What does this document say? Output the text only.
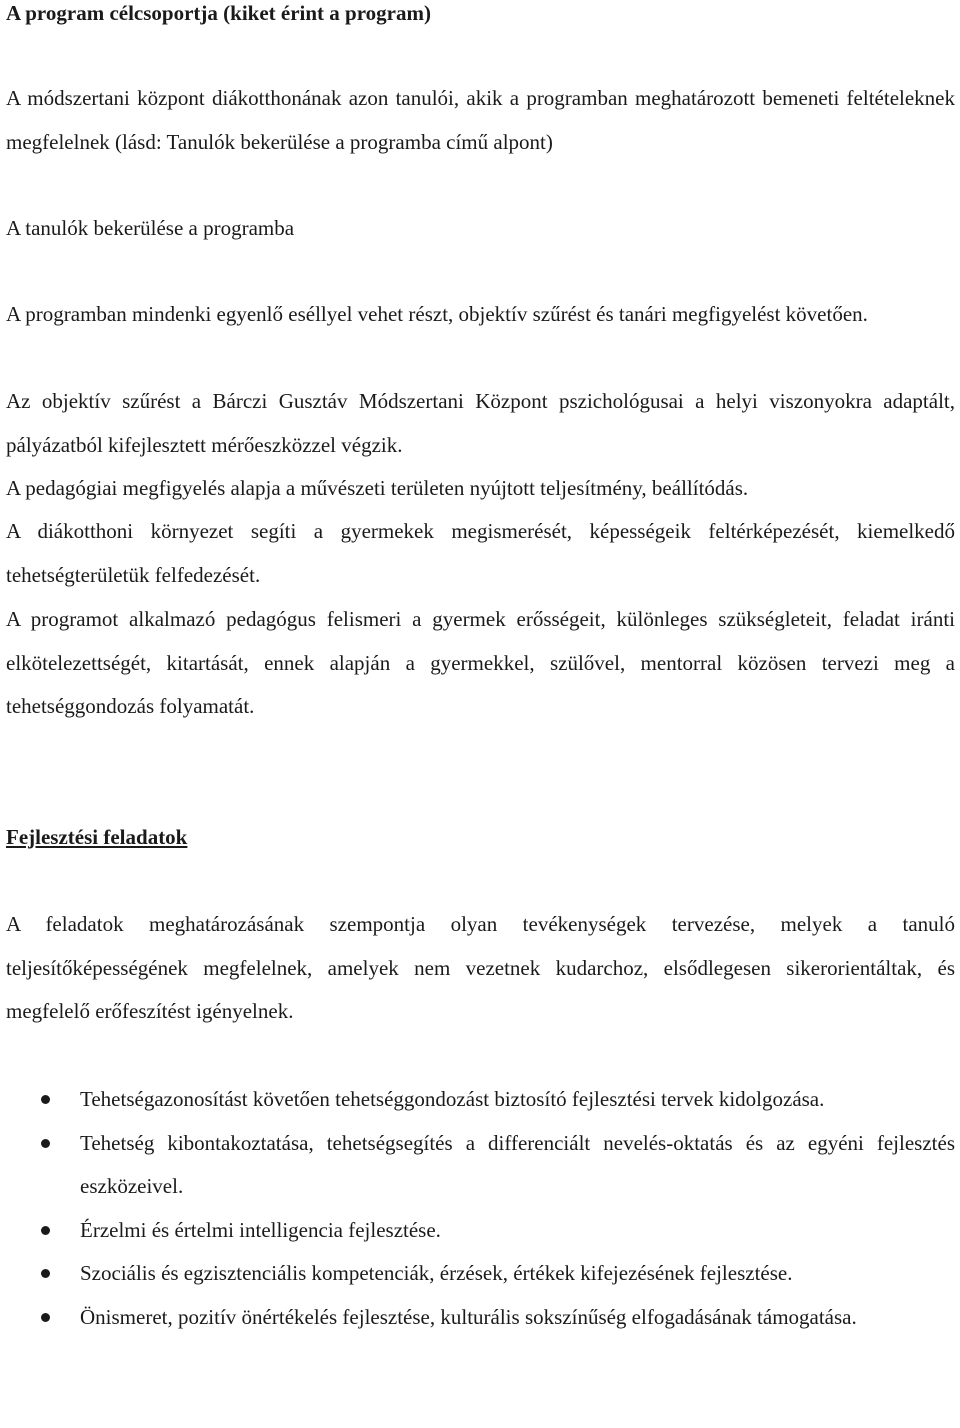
A program célcsoportja (kiket érint a program)

A módszertani központ diákotthonának azon tanulói, akik a programban meghatározott bemeneti feltételeknek megfelelnek (lásd: Tanulók bekerülése a programba című alpont)

A tanulók bekerülése a programba

A programban mindenki egyenlő eséllyel vehet részt, objektív szűrést és tanári megfigyelést követően.

Az objektív szűrést a Bárczi Gusztáv Módszertani Központ pszichológusai a helyi viszonyokra adaptált, pályázatból kifejlesztett mérőeszközzel végzik.

A pedagógiai megfigyelés alapja a művészeti területen nyújtott teljesítmény, beállítódás.

A diákotthoni környezet segíti a gyermekek megismerését, képességeik feltérképezését, kiemelkedő tehetségterületük felfedezését.

A programot alkalmazó pedagógus felismeri a gyermek erősségeit, különleges szükségleteit, feladat iránti elkötelezettségét, kitartását, ennek alapján a gyermekkel, szülővel, mentorral közösen tervezi meg a tehetséggondozás folyamatát.

Fejlesztési feladatok

A feladatok meghatározásának szempontja olyan tevékenységek tervezése, melyek a tanuló teljesítőképességének megfelelnek, amelyek nem vezetnek kudarchoz, elsődlegesen sikerorientáltak, és megfelelő erőfeszítést igényelnek.

Tehetségazonosítást követően tehetséggondozást biztosító fejlesztési tervek kidolgozása.
Tehetség kibontakoztatása, tehetségsegítés a differenciált nevelés-oktatás és az egyéni fejlesztés eszközeivel.
Érzelmi és értelmi intelligencia fejlesztése.
Szociális és egzisztenciális kompetenciák, érzések, értékek kifejezésének fejlesztése.
Önismeret, pozitív önértékelés fejlesztése, kulturális sokszínűség elfogadásának támogatása.
